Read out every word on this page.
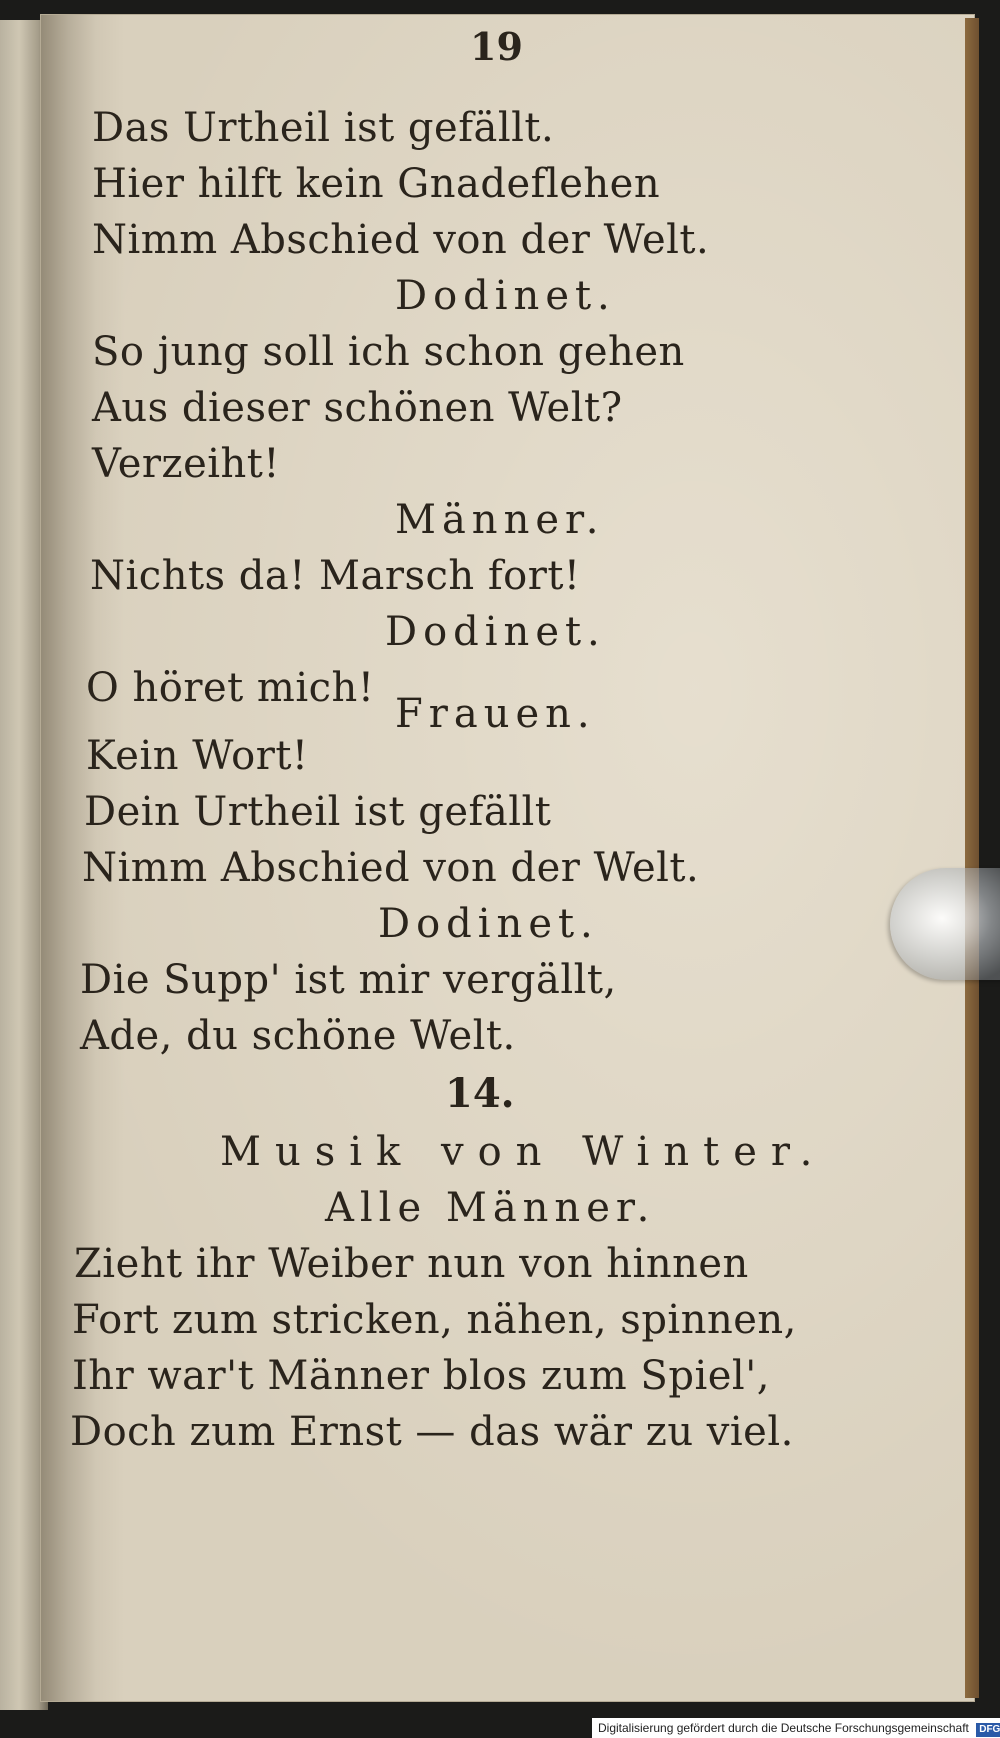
19
Das Urtheil ist gefällt.
Hier hilft kein Gnadeflehen
Nimm Abschied von der Welt.
Dodinet.
So jung soll ich schon gehen
Aus dieser schönen Welt?
Verzeiht!
Männer.
Nichts da! Marsch fort!
Dodinet.
O höret mich!
Frauen.
Kein Wort!
Dein Urtheil ist gefällt
Nimm Abschied von der Welt.
Dodinet.
Die Supp' ist mir vergällt,
Ade, du schöne Welt.
14.
Musik von Winter.
Alle Männer.
Zieht ihr Weiber nun von hinnen
Fort zum stricken, nähen, spinnen,
Ihr war't Männer blos zum Spiel',
Doch zum Ernst — das wär zu viel.
Digitalisierung gefördert durch die Deutsche Forschungsgemeinschaft DFG
